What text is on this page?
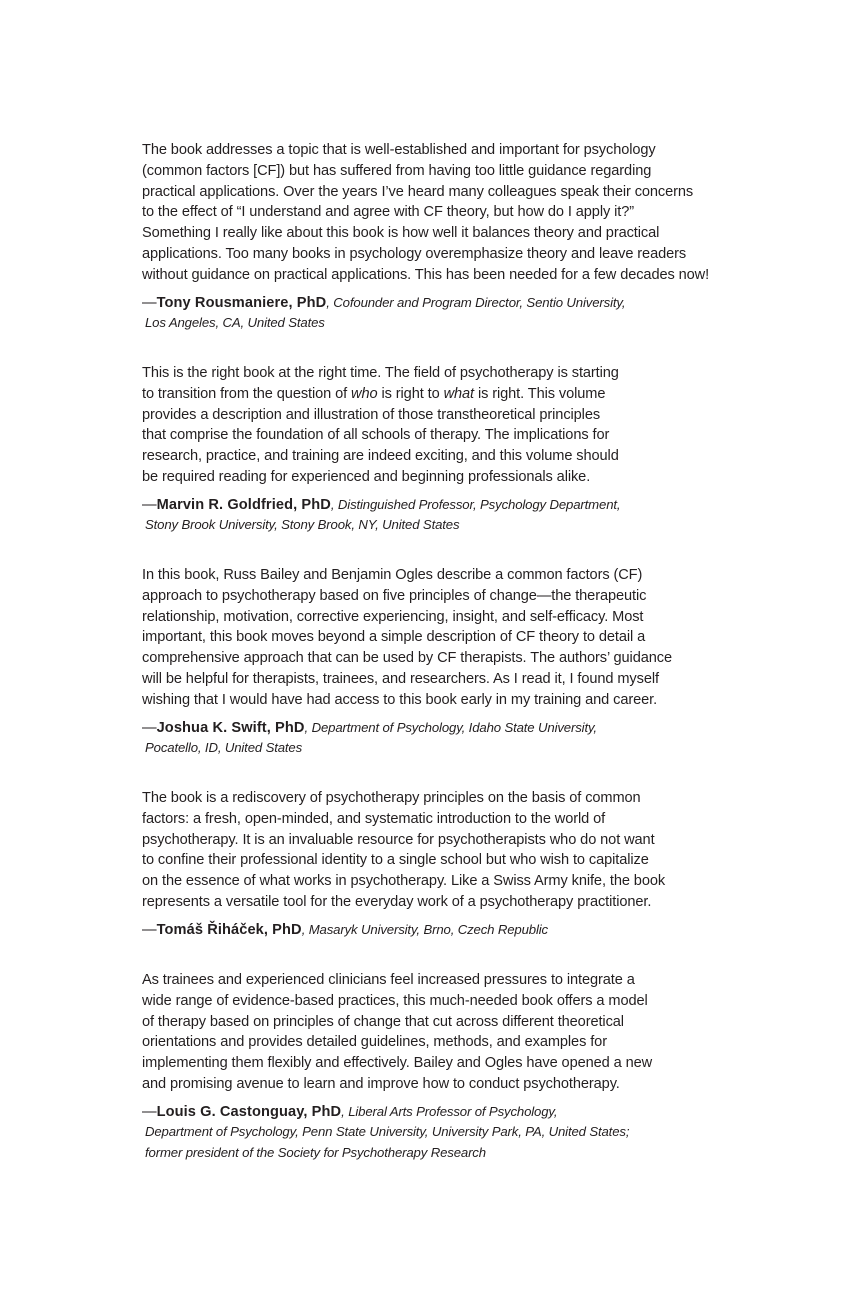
The book addresses a topic that is well-established and important for psychology

(common factors [CF]) but has suffered from having too little guidance regarding

practical applications. Over the years I’ve heard many colleagues speak their concerns

to the effect of “I understand and agree with CF theory, but how do I apply it?”

Something I really like about this book is how well it balances theory and practical

applications. Too many books in psychology overemphasize theory and leave readers

without guidance on practical applications. This has been needed for a few decades now!

—Tony Rousmaniere, PhD, Cofounder and Program Director, Sentio University,
Los Angeles, CA, United States

This is the right book at the right time. The field of psychotherapy is starting

to transition from the question of who is right to what is right. This volume

provides a description and illustration of those transtheoretical principles

that comprise the foundation of all schools of therapy. The implications for

research, practice, and training are indeed exciting, and this volume should

be required reading for experienced and beginning professionals alike.

—Marvin R. Goldfried, PhD, Distinguished Professor, Psychology Department,
Stony Brook University, Stony Brook, NY, United States

In this book, Russ Bailey and Benjamin Ogles describe a common factors (CF)

approach to psychotherapy based on five principles of change—the therapeutic

relationship, motivation, corrective experiencing, insight, and self-efficacy. Most

important, this book moves beyond a simple description of CF theory to detail a

comprehensive approach that can be used by CF therapists. The authors’ guidance

will be helpful for therapists, trainees, and researchers. As I read it, I found myself

wishing that I would have had access to this book early in my training and career.

—Joshua K. Swift, PhD, Department of Psychology, Idaho State University,
Pocatello, ID, United States

The book is a rediscovery of psychotherapy principles on the basis of common

factors: a fresh, open-minded, and systematic introduction to the world of

psychotherapy. It is an invaluable resource for psychotherapists who do not want

to confine their professional identity to a single school but who wish to capitalize

on the essence of what works in psychotherapy. Like a Swiss Army knife, the book

represents a versatile tool for the everyday work of a psychotherapy practitioner.

—Tomáš Řiháček, PhD, Masaryk University, Brno, Czech Republic

As trainees and experienced clinicians feel increased pressures to integrate a

wide range of evidence-based practices, this much-needed book offers a model

of therapy based on principles of change that cut across different theoretical

orientations and provides detailed guidelines, methods, and examples for

implementing them flexibly and effectively. Bailey and Ogles have opened a new

and promising avenue to learn and improve how to conduct psychotherapy.

—Louis G. Castonguay, PhD, Liberal Arts Professor of Psychology,
Department of Psychology, Penn State University, University Park, PA, United States;
former president of the Society for Psychotherapy Research
